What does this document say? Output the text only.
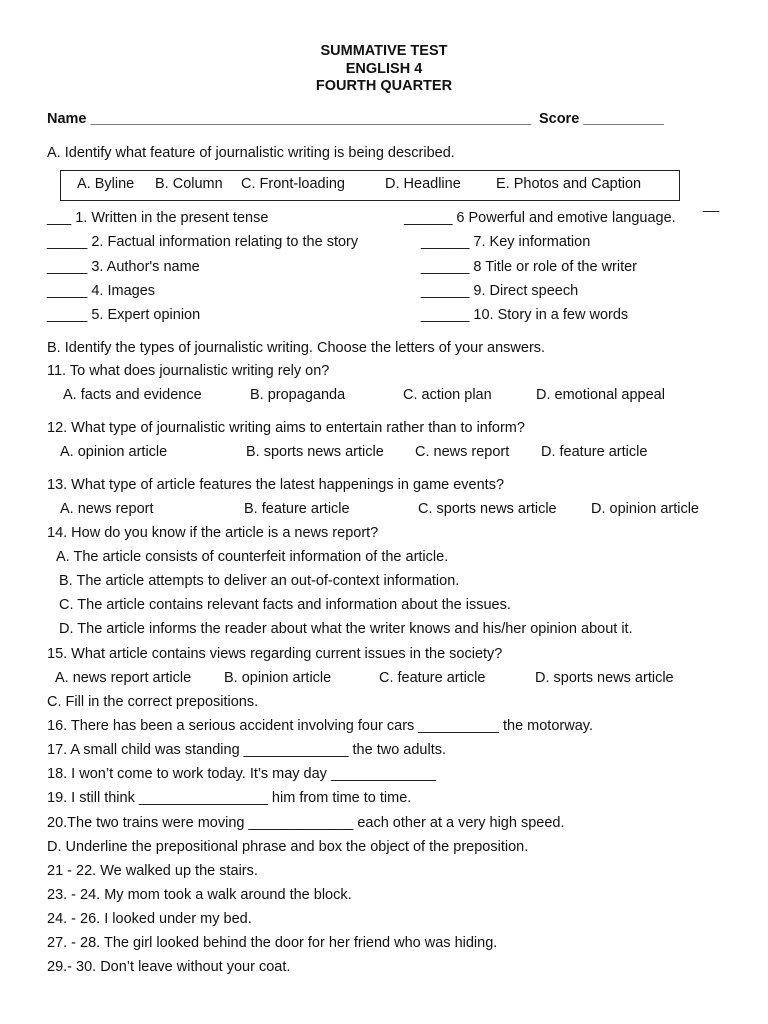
SUMMATIVE TEST
ENGLISH 4
FOURTH QUARTER
Name ________________________________________________________ Score __________
A. Identify what feature of journalistic writing is being described.
A. Byline B. Column C. Front-loading	D. Headline E. Photos and Caption
__
___ 1. Written in the present tense
_____ 2. Factual information relating to the story
_____ 3. Author's name
_____ 4. Images
_____ 5. Expert opinion
______ 6 Powerful and emotive language.
______ 7. Key information
______ 8 Title or role of the writer
______ 9. Direct speech
______ 10. Story in a few words
B. Identify the types of journalistic writing. Choose the letters of your answers.
11. To what does journalistic writing rely on?
A. facts and evidence	B. propaganda	C. action plan	D. emotional appeal
12. What type of journalistic writing aims to entertain rather than to inform?
A. opinion article	B. sports news article C. news report D. feature article
13. What type of article features the latest happenings in game events?
A. news report	B. feature article	C. sports news article D. opinion article
14. How do you know if the article is a news report?
A. The article consists of counterfeit information of the article.
B. The article attempts to deliver an out-of-context information.
C. The article contains relevant facts and information about the issues.
D. The article informs the reader about what the writer knows and his/her opinion about it.
15. What article contains views regarding current issues in the society?
A. news report article B. opinion article	C. feature article	D. sports news article
C. Fill in the correct prepositions.
16. There has been a serious accident involving four cars __________ the motorway.
17. A small child was standing _____________ the two adults.
18. I won’t come to work today. It’s may day _____________
19. I still think ________________ him from time to time.
20.The two trains were moving _____________ each other at a very high speed.
D. Underline the prepositional phrase and box the object of the preposition.
21 - 22. We walked up the stairs.
23. - 24. My mom took a walk around the block.
24. - 26. I looked under my bed.
27. - 28. The girl looked behind the door for her friend who was hiding.
29.- 30. Don’t leave without your coat.
